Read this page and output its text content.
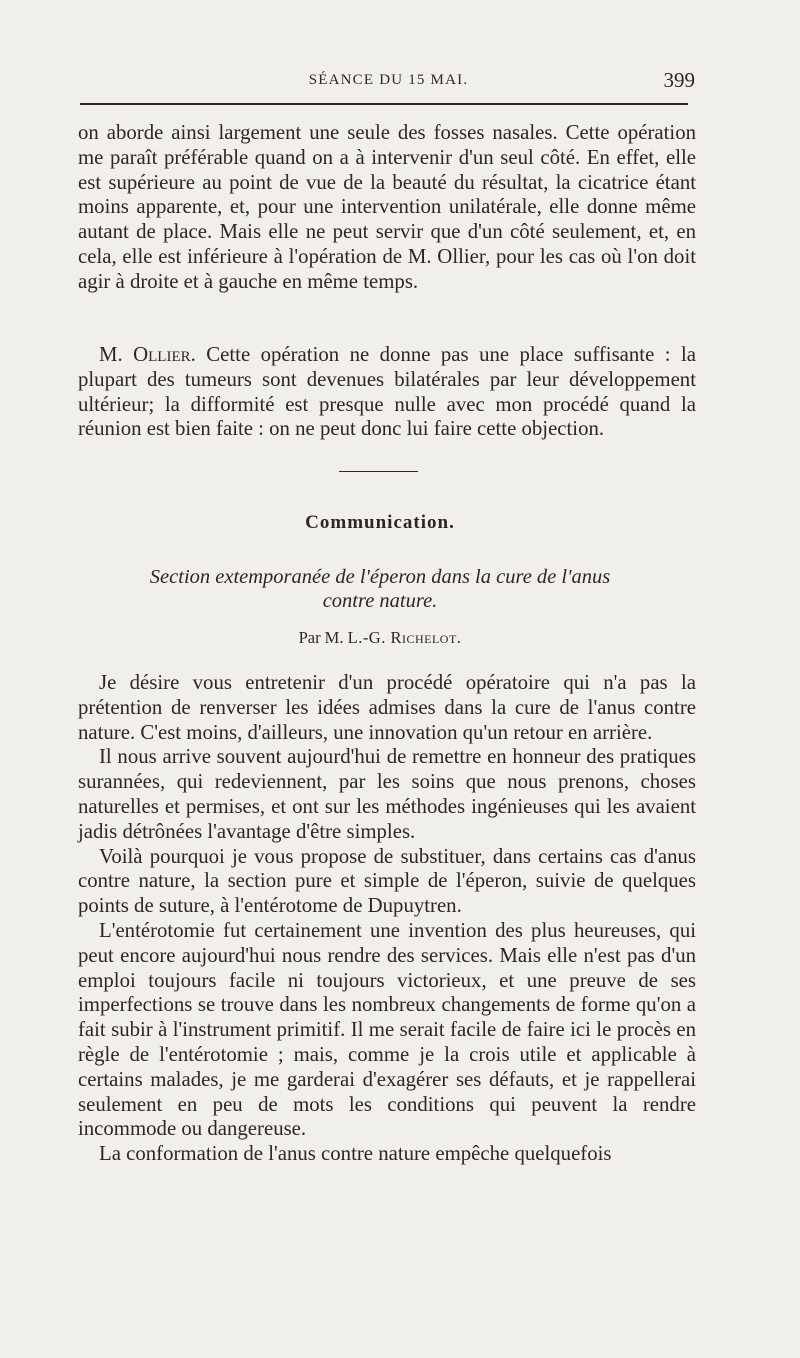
SÉANCE DU 15 MAI.	399

on aborde ainsi largement une seule des fosses nasales. Cette opération me paraît préférable quand on a à intervenir d'un seul côté. En effet, elle est supérieure au point de vue de la beauté du résultat, la cicatrice étant moins apparente, et, pour une intervention unilatérale, elle donne même autant de place. Mais elle ne peut servir que d'un côté seulement, et, en cela, elle est inférieure à l'opération de M. Ollier, pour les cas où l'on doit agir à droite et à gauche en même temps.

M. Ollier. Cette opération ne donne pas une place suffisante : la plupart des tumeurs sont devenues bilatérales par leur développement ultérieur; la difformité est presque nulle avec mon procédé quand la réunion est bien faite : on ne peut donc lui faire cette objection.

Communication.
Section extemporanée de l'éperon dans la cure de l'anus
contre nature.
Par M. L.-G. Richelot.

Je désire vous entretenir d'un procédé opératoire qui n'a pas la prétention de renverser les idées admises dans la cure de l'anus contre nature. C'est moins, d'ailleurs, une innovation qu'un retour en arrière.

Il nous arrive souvent aujourd'hui de remettre en honneur des pratiques surannées, qui redeviennent, par les soins que nous prenons, choses naturelles et permises, et ont sur les méthodes ingénieuses qui les avaient jadis détrônées l'avantage d'être simples.

Voilà pourquoi je vous propose de substituer, dans certains cas d'anus contre nature, la section pure et simple de l'éperon, suivie de quelques points de suture, à l'entérotome de Dupuytren.

L'entérotomie fut certainement une invention des plus heureuses, qui peut encore aujourd'hui nous rendre des services. Mais elle n'est pas d'un emploi toujours facile ni toujours victorieux, et une preuve de ses imperfections se trouve dans les nombreux changements de forme qu'on a fait subir à l'instrument primitif. Il me serait facile de faire ici le procès en règle de l'entérotomie ; mais, comme je la crois utile et applicable à certains malades, je me garderai d'exagérer ses défauts, et je rappellerai seulement en peu de mots les conditions qui peuvent la rendre incommode ou dangereuse.

La conformation de l'anus contre nature empêche quelquefois
